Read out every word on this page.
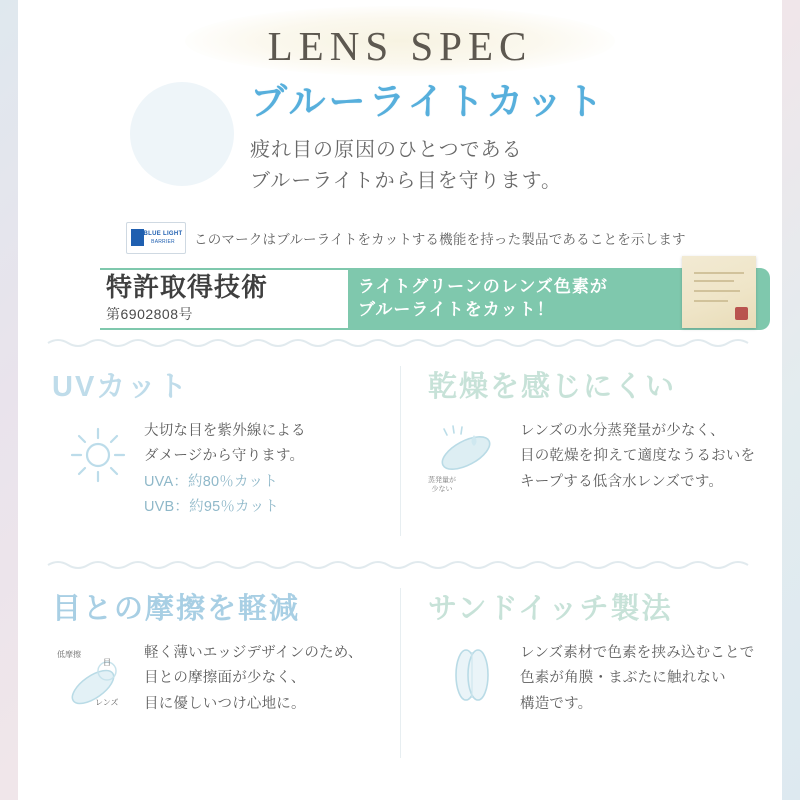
LENS SPEC
ブルーライトカット
疲れ目の原因のひとつである
ブルーライトから目を守ります。
BLUE LIGHT
BARRIER このマークはブルーライトをカットする機能を持った製品であることを示します
特許取得技術
第6902808号
ライトグリーンのレンズ色素が
ブルーライトをカット！
UVカット
大切な目を紫外線による
ダメージから守ります。
UVA：約80％カット
UVB：約95％カット
乾燥を感じにくい
蒸発量が
少ない
レンズの水分蒸発量が少なく、
目の乾燥を抑えて適度なうるおいを
キープする低含水レンズです。
目との摩擦を軽減
低摩擦
目
レンズ
軽く薄いエッジデザインのため、
目との摩擦面が少なく、
目に優しいつけ心地に。
サンドイッチ製法
レンズ素材で色素を挟み込むことで
色素が角膜・まぶたに触れない
構造です。
